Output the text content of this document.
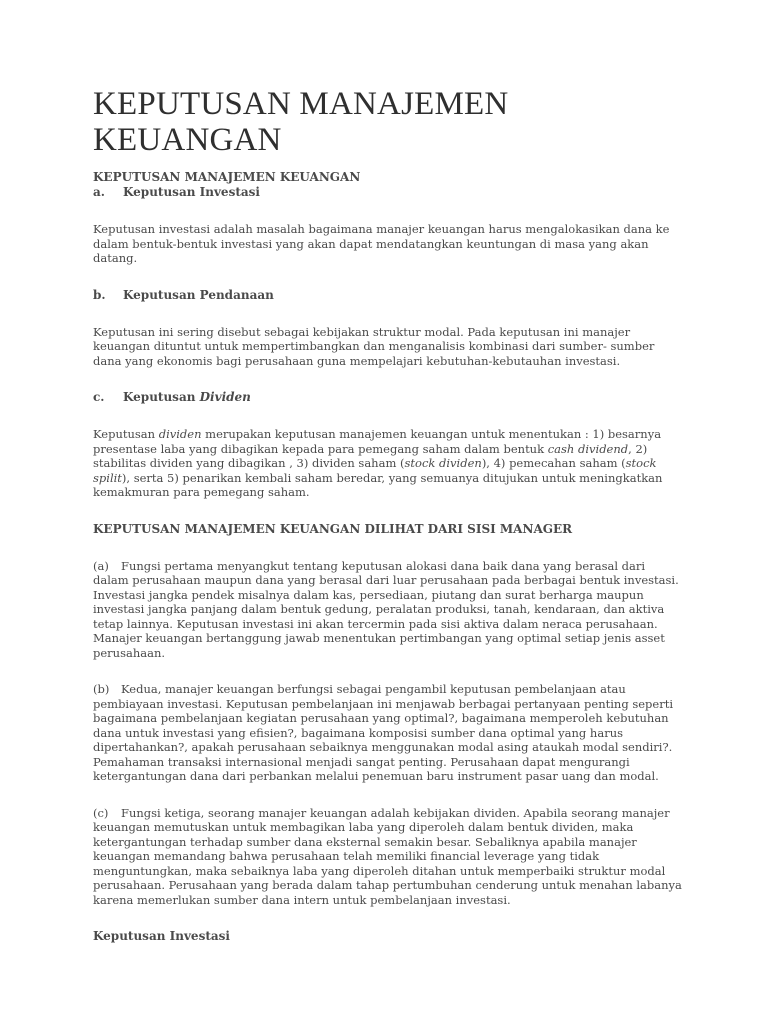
KEPUTUSAN MANAJEMEN KEUANGAN

KEPUTUSAN MANAJEMEN KEUANGAN

a.	Keputusan Investasi

Keputusan investasi adalah masalah bagaimana manajer keuangan harus mengalokasikan dana ke dalam bentuk-bentuk investasi yang akan dapat mendatangkan keuntungan di masa yang akan datang.

b.	Keputusan Pendanaan

Keputusan ini sering disebut sebagai kebijakan struktur modal. Pada keputusan ini manajer keuangan dituntut untuk mempertimbangkan dan menganalisis kombinasi dari sumber- sumber dana yang ekonomis bagi perusahaan guna mempelajari kebutuhan-kebutauhan investasi.

c.	Keputusan Dividen

Keputusan dividen merupakan keputusan manajemen keuangan untuk menentukan : 1) besarnya presentase laba yang dibagikan kepada para pemegang saham dalam bentuk cash dividend, 2) stabilitas dividen yang dibagikan , 3) dividen saham (stock dividen), 4) pemecahan saham (stock spilit), serta 5) penarikan kembali saham beredar, yang semuanya ditujukan untuk meningkatkan kemakmuran para pemegang saham.

KEPUTUSAN MANAJEMEN KEUANGAN DILIHAT DARI SISI MANAGER

(a) Fungsi pertama menyangkut tentang keputusan alokasi dana baik dana yang berasal dari dalam perusahaan maupun dana yang berasal dari luar perusahaan pada berbagai bentuk investasi. Investasi jangka pendek misalnya dalam kas, persediaan, piutang dan surat berharga maupun investasi jangka panjang dalam bentuk gedung, peralatan produksi, tanah, kendaraan, dan aktiva tetap lainnya. Keputusan investasi ini akan tercermin pada sisi aktiva dalam neraca perusahaan. Manajer keuangan bertanggung jawab menentukan pertimbangan yang optimal setiap jenis asset perusahaan.

(b) Kedua, manajer keuangan berfungsi sebagai pengambil keputusan pembelanjaan atau pembiayaan investasi. Keputusan pembelanjaan ini menjawab berbagai pertanyaan penting seperti bagaimana pembelanjaan kegiatan perusahaan yang optimal?, bagaimana memperoleh kebutuhan dana untuk investasi yang efisien?, bagaimana komposisi sumber dana optimal yang harus dipertahankan?, apakah perusahaan sebaiknya menggunakan modal asing ataukah modal sendiri?. Pemahaman transaksi internasional menjadi sangat penting. Perusahaan dapat mengurangi ketergantungan dana dari perbankan melalui penemuan baru instrument pasar uang dan modal.

(c) Fungsi ketiga, seorang manajer keuangan adalah kebijakan dividen. Apabila seorang manajer keuangan memutuskan untuk membagikan laba yang diperoleh dalam bentuk dividen, maka ketergantungan terhadap sumber dana eksternal semakin besar. Sebaliknya apabila manajer keuangan memandang bahwa perusahaan telah memiliki financial leverage yang tidak menguntungkan, maka sebaiknya laba yang diperoleh ditahan untuk memperbaiki struktur modal perusahaan. Perusahaan yang berada dalam tahap pertumbuhan cenderung untuk menahan labanya karena memerlukan sumber dana intern untuk pembelanjaan investasi.

Keputusan Investasi
